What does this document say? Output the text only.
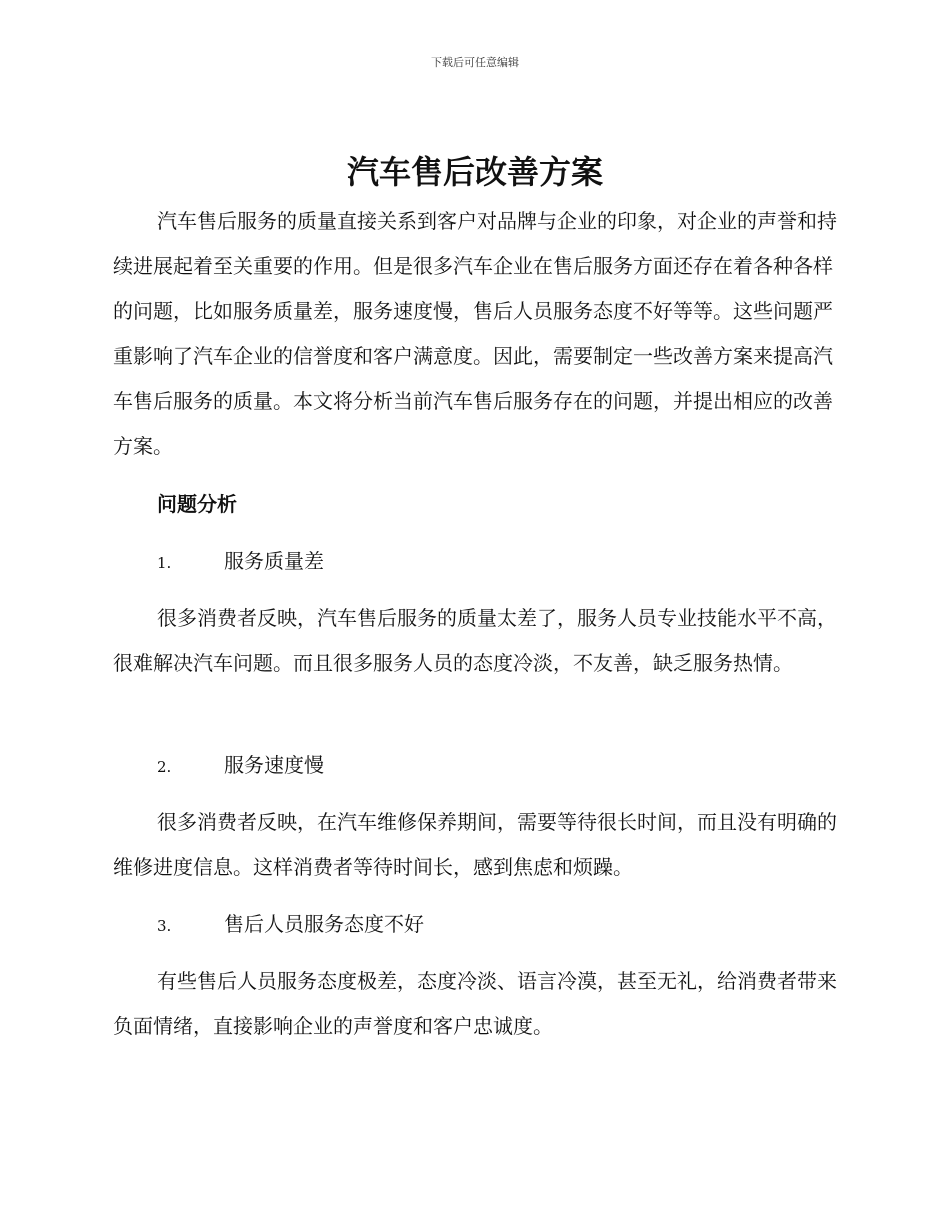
下载后可任意编辑
汽车售后改善方案

汽车售后服务的质量直接关系到客户对品牌与企业的印象，对企业的声誉和持续进展起着至关重要的作用。但是很多汽车企业在售后服务方面还存在着各种各样的问题，比如服务质量差，服务速度慢，售后人员服务态度不好等等。这些问题严重影响了汽车企业的信誉度和客户满意度。因此，需要制定一些改善方案来提高汽车售后服务的质量。本文将分析当前汽车售后服务存在的问题，并提出相应的改善方案。

问题分析
1.	服务质量差

很多消费者反映，汽车售后服务的质量太差了，服务人员专业技能水平不高，很难解决汽车问题。而且很多服务人员的态度冷淡，不友善，缺乏服务热情。

2.	服务速度慢

很多消费者反映，在汽车维修保养期间，需要等待很长时间，而且没有明确的维修进度信息。这样消费者等待时间长，感到焦虑和烦躁。

3.	售后人员服务态度不好

有些售后人员服务态度极差，态度冷淡、语言冷漠，甚至无礼，给消费者带来负面情绪，直接影响企业的声誉度和客户忠诚度。
